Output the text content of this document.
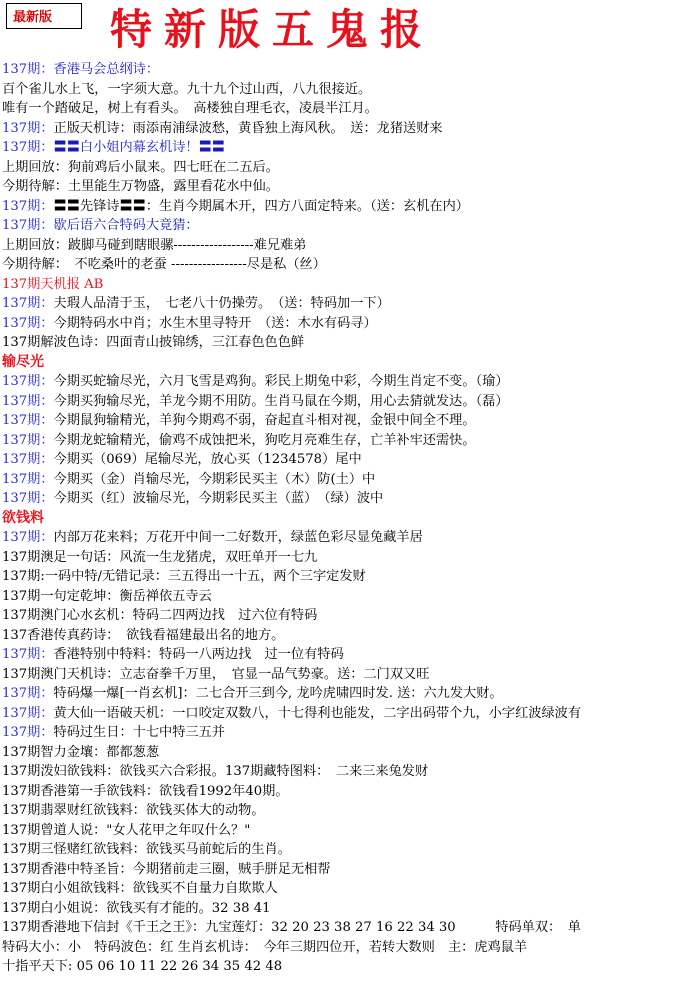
最新版 特新版五鬼报
137期：香港马会总纲诗：
百个雀儿水上飞，一字须大意。九十九个过山西，八九很接近。
唯有一个踏破足，树上有看头。　高楼独自理毛衣，凌晨半江月。
137期：正版天机诗：雨添南浦绿波愁，黄昏独上海风秋。　送：龙猪送财来
137期：〓〓白小姐内幕玄机诗！〓〓
上期回放：狗前鸡后小鼠来。四七旺在二五后。
今期待解：土里能生万物盛，露里看花水中仙。
137期：〓〓先锋诗〓〓：生肖今期属木开，四方八面定特来。（送：玄机在内）
137期：歇后语六合特码大竟猜：
上期回放：跛脚马碰到瞎眼骡------------------难兄难弟
今期待解：　不吃桑叶的老蚕 -----------------尽是私（丝）
137期天机报 AB
137期：夫瑕人品清于玉，　七老八十仍操劳。　（送：特码加一下）
137期：今期特码水中肖；水生木里寻特开　（送：木水有码寻）
137期解波色诗：四面青山披锦绣，三江春色色色鲜
输尽光
137期：今期买蛇输尽光，六月飞雪是鸡狗。彩民上期兔中彩，今期生肖定不变。（瑜）
137期：今期买狗输尽光，羊龙今期不用防。生肖马鼠在今期，用心去猜就发达。（磊）
137期：今期鼠狗输精光，羊狗今期鸡不弱，奋起直斗相对视，金银中间全不理。
137期：今期龙蛇输精光，偷鸡不成蚀把米，狗吃月亮难生存，亡羊补牢还需快。
137期：今期买（069）尾输尽光，放心买（1234578）尾中
137期：今期买（金）肖输尽光，今期彩民买主（木）防(土）中
137期：今期买（红）波输尽光，今期彩民买主（蓝）　（绿）波中
欲钱料
137期：内部万花来料；万花开中间一二好数开，绿蓝色彩尽显兔藏羊居
137期澳足一句话：风流一生龙猪虎，双旺单开一七九
137期:一码中特/无错记录：三五得出一十五，两个三字定发财
137期一句定乾坤：衡岳禅依五寺云
137期澳门心水玄机：特码二四两边找　过六位有特码
137香港传真药诗：　欲钱看福建最出名的地方。
137期：香港特别中特料：特码一八两边找　过一位有特码
137期澳门天机诗：立志奋拳千万里，　官显一品气势豪。送：二门双又旺
137期：特码爆一爆[一肖玄机]：二七合开三到今, 龙吟虎啸四时发. 送：六九发大财。
137期：黄大仙一语破天机：一口咬定双数八，十七得利也能发，二字出码带个九，小字红波绿波有
137期：特码过生日：十七中特三五并
137期智力金壤：都都葱葱
137期泼妇欲钱料：欲钱买六合彩报。137期藏特图料：　二来三来兔发财
137期香港第一手欲钱料：欲钱看1992年40期。
137期翡翠财红欲钱料：欲钱买体大的动物。
137期曾道人说："女人花甲之年叹什么？"
137期三怪赌红欲钱料：欲钱买马前蛇后的生肖。
137期香港中特圣旨：今期猪前走三圈，贼手胼足无相帮
137期白小姐欲钱料：欲钱买不自量力自欺欺人
137期白小姐说：欲钱买有才能的。32 38 41
137期香港地下信封《千王之王》：九宝莲灯：32 20 23 38 27 16 22 34 30　　　特码单双：　单
特码大小：小　特码波色：红 生肖玄机诗：　今年三期四位开，若转大数则　主：虎鸡鼠羊
十指平天下: 05 06 10 11 22 26 34 35 42 48
